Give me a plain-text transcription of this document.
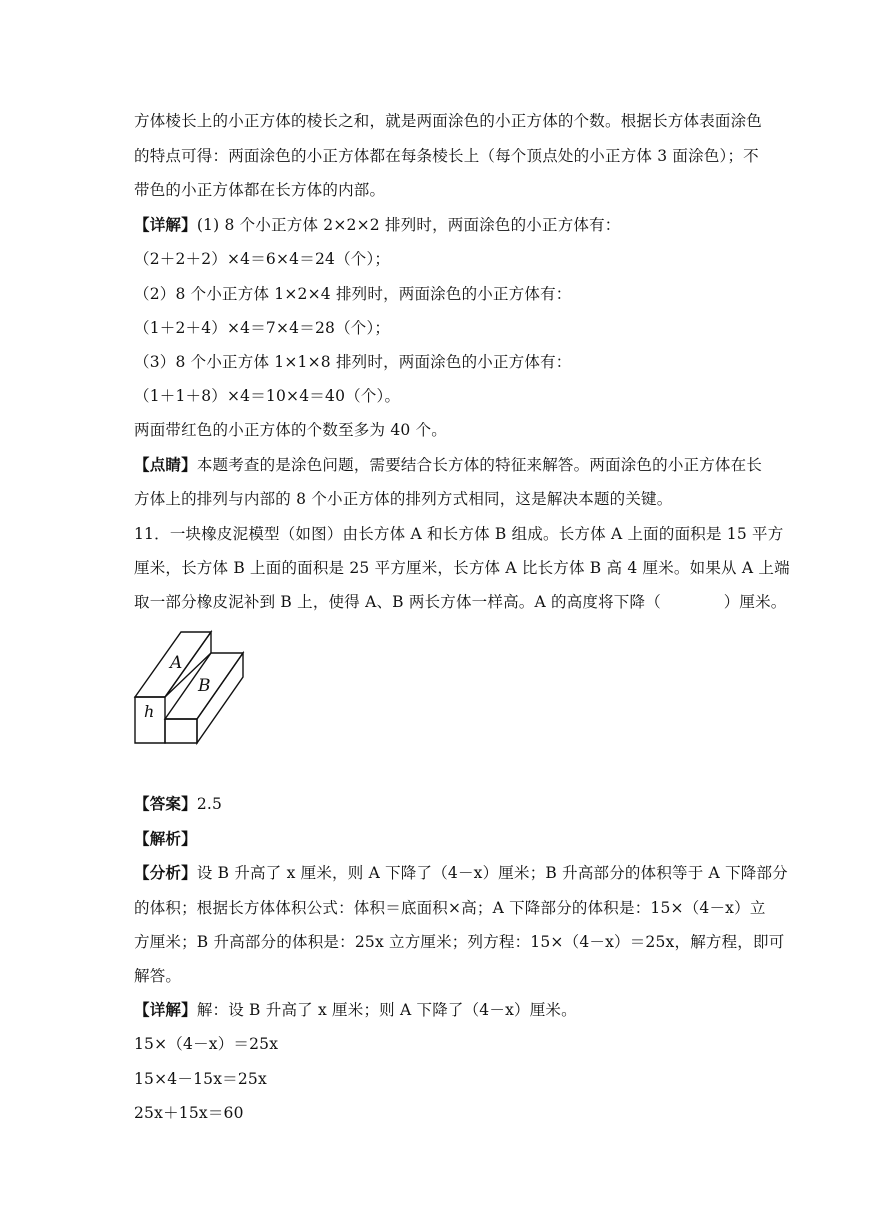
方体棱长上的小正方体的棱长之和，就是两面涂色的小正方体的个数。根据长方体表面涂色
的特点可得：两面涂色的小正方体都在每条棱长上（每个顶点处的小正方体 3 面涂色）；不
带色的小正方体都在长方体的内部。
【详解】(1) 8 个小正方体 2×2×2 排列时，两面涂色的小正方体有：
（2＋2＋2）×4＝6×4＝24（个）；
（2）8 个小正方体 1×2×4 排列时，两面涂色的小正方体有：
（1＋2＋4）×4＝7×4＝28（个）；
（3）8 个小正方体 1×1×8 排列时，两面涂色的小正方体有：
（1＋1＋8）×4＝10×4＝40（个）。
两面带红色的小正方体的个数至多为 40 个。
【点睛】本题考查的是涂色问题，需要结合长方体的特征来解答。两面涂色的小正方体在长
方体上的排列与内部的 8 个小正方体的排列方式相同，这是解决本题的关键。
11．一块橡皮泥模型（如图）由长方体 A 和长方体 B 组成。长方体 A 上面的面积是 15 平方
厘米，长方体 B 上面的面积是 25 平方厘米，长方体 A 比长方体 B 高 4 厘米。如果从 A 上端
取一部分橡皮泥补到 B 上，使得 A、B 两长方体一样高。A 的高度将下降（　　　　）厘米。
A
B
h
【答案】2.5
【解析】
【分析】设 B 升高了 x 厘米，则 A 下降了（4－x）厘米；B 升高部分的体积等于 A 下降部分
的体积；根据长方体体积公式：体积＝底面积×高；A 下降部分的体积是：15×（4－x）立
方厘米；B 升高部分的体积是：25x 立方厘米；列方程：15×（4－x）＝25x，解方程，即可
解答。
【详解】解：设 B 升高了 x 厘米；则 A 下降了（4－x）厘米。
15×（4－x）＝25x
15×4－15x＝25x
25x＋15x＝60
